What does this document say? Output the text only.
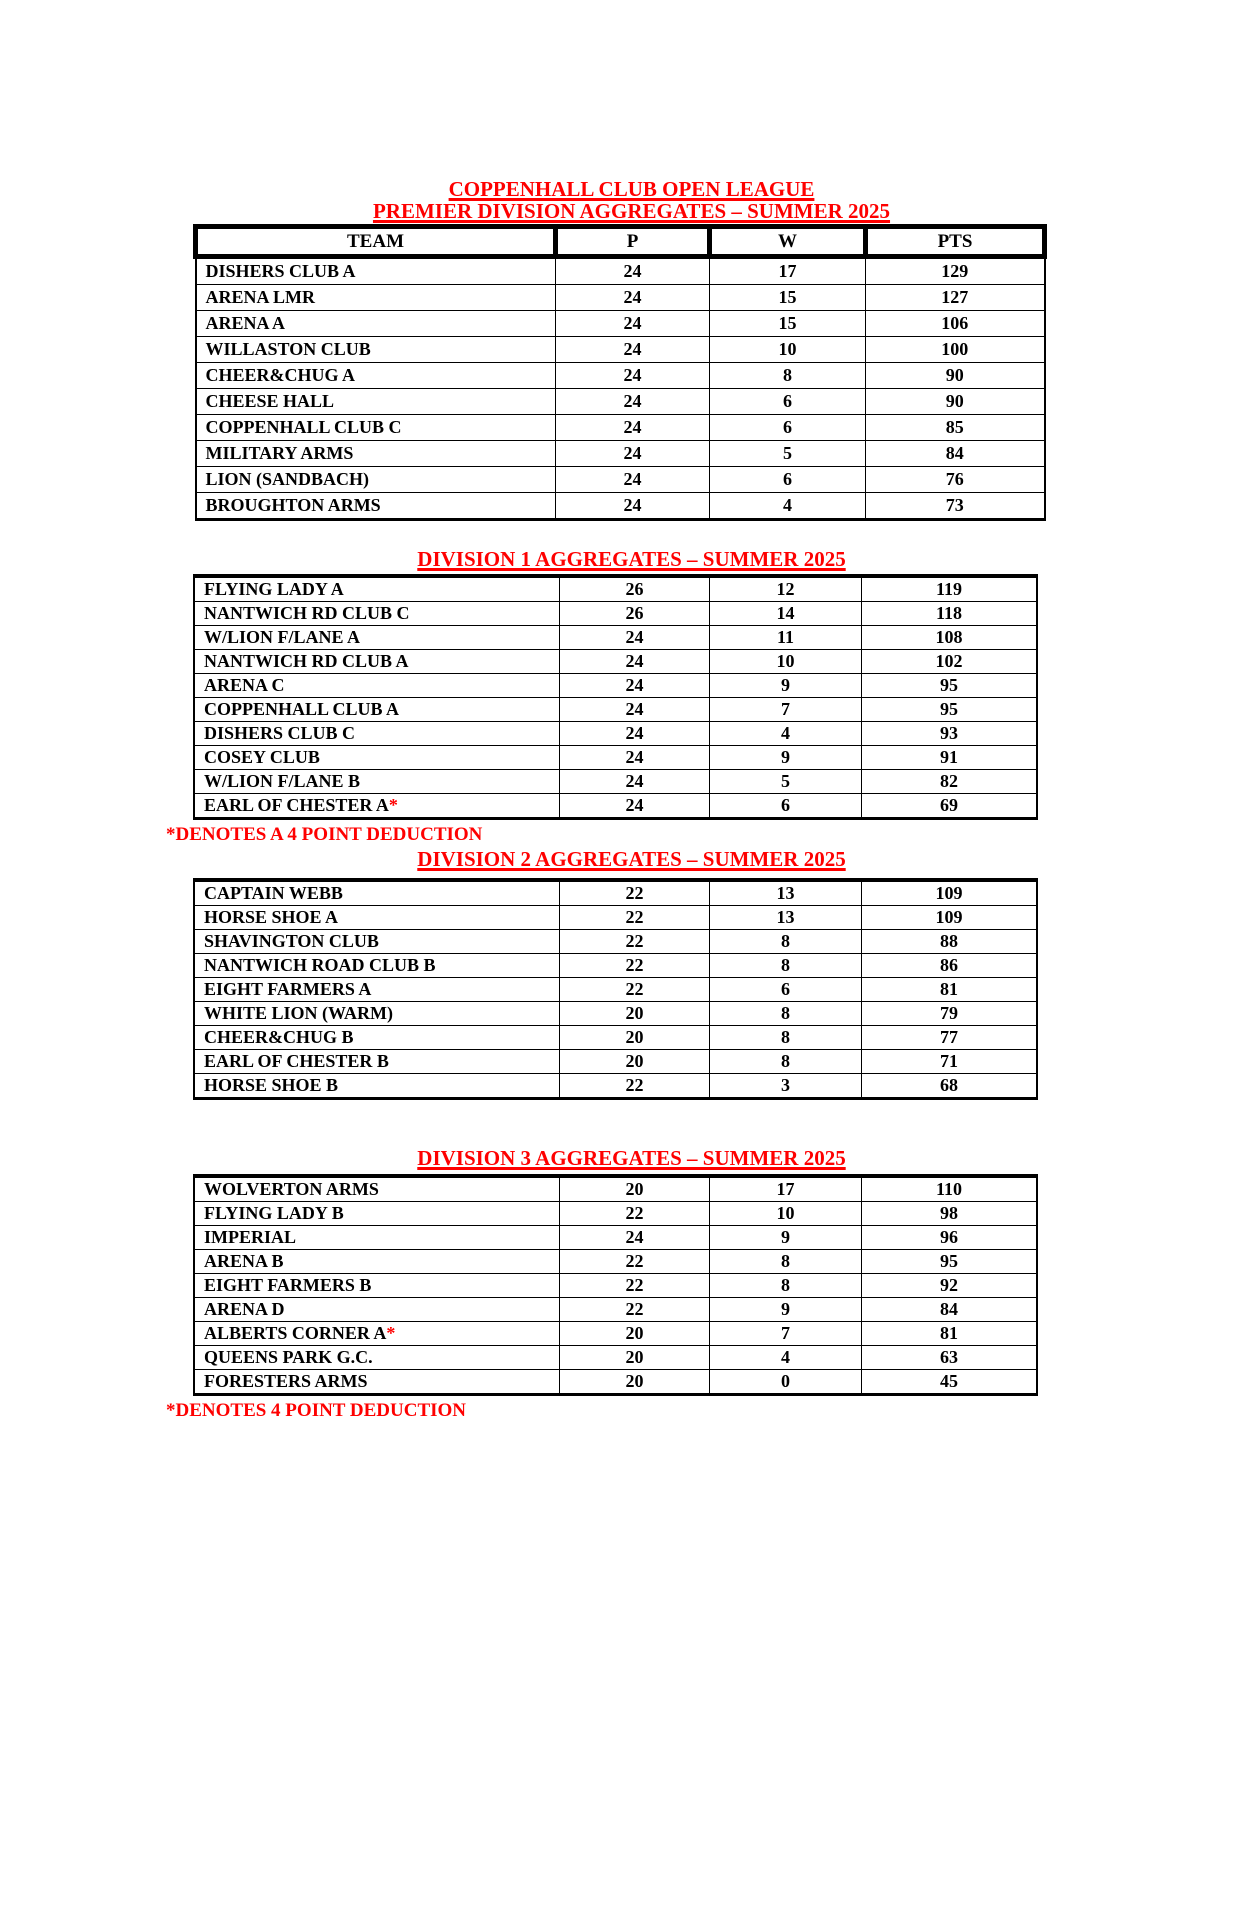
COPPENHALL CLUB OPEN LEAGUE
PREMIER DIVISION AGGREGATES – SUMMER 2025
TEAM	P	W	PTS
DISHERS CLUB A	24	17	129
ARENA LMR	24	15	127
ARENA A	24	15	106
WILLASTON CLUB	24	10	100
CHEER&CHUG A	24	8	90
CHEESE HALL	24	6	90
COPPENHALL CLUB C	24	6	85
MILITARY ARMS	24	5	84
LION (SANDBACH)	24	6	76
BROUGHTON ARMS	24	4	73
DIVISION 1 AGGREGATES – SUMMER 2025
FLYING LADY A	26	12	119
NANTWICH RD CLUB C	26	14	118
W/LION F/LANE A	24	11	108
NANTWICH RD CLUB A	24	10	102
ARENA C	24	9	95
COPPENHALL CLUB A	24	7	95
DISHERS CLUB C	24	4	93
COSEY CLUB	24	9	91
W/LION F/LANE B	24	5	82
EARL OF CHESTER A*	24	6	69
*DENOTES A 4 POINT DEDUCTION
DIVISION 2 AGGREGATES – SUMMER 2025
CAPTAIN WEBB	22	13	109
HORSE SHOE A	22	13	109
SHAVINGTON CLUB	22	8	88
NANTWICH ROAD CLUB B	22	8	86
EIGHT FARMERS A	22	6	81
WHITE LION (WARM)	20	8	79
CHEER&CHUG B	20	8	77
EARL OF CHESTER B	20	8	71
HORSE SHOE B	22	3	68
DIVISION 3 AGGREGATES – SUMMER 2025
WOLVERTON ARMS	20	17	110
FLYING LADY B	22	10	98
IMPERIAL	24	9	96
ARENA B	22	8	95
EIGHT FARMERS B	22	8	92
ARENA D	22	9	84
ALBERTS CORNER A*	20	7	81
QUEENS PARK G.C.	20	4	63
FORESTERS ARMS	20	0	45
*DENOTES 4 POINT DEDUCTION
